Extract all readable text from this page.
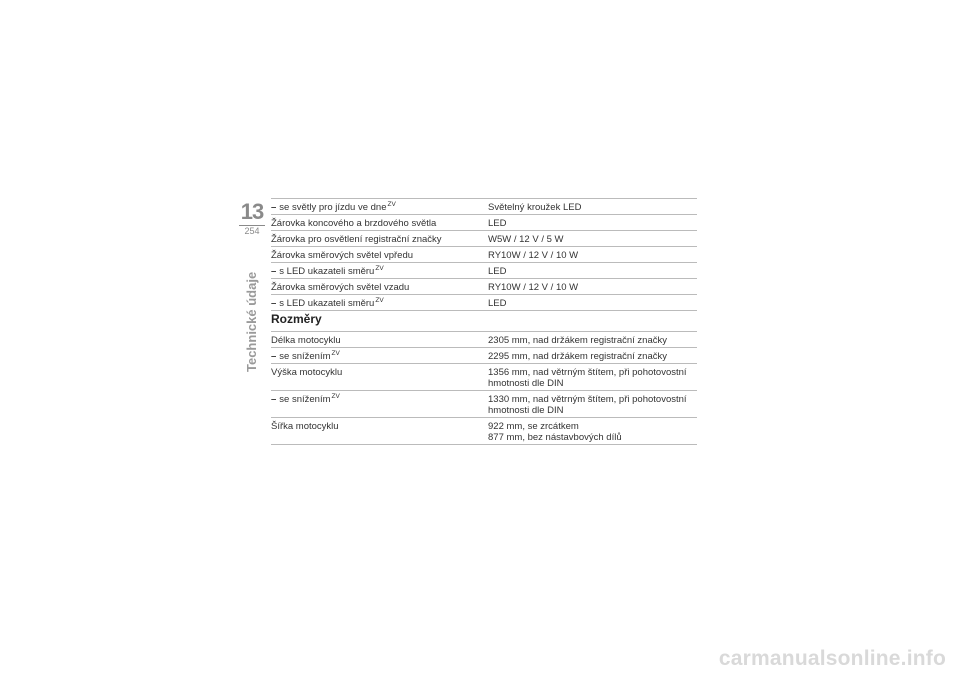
13
254
Technické údaje
– se světly pro jízdu ve dne$^{ZV}$	Světelný kroužek LED
Žárovka koncového a brzdového světla	LED
Žárovka pro osvětlení registrační značky	W5W / 12 V / 5 W
Žárovka směrových světel vpředu	RY10W / 12 V / 10 W
– s LED ukazateli směru$^{ZV}$	LED
Žárovka směrových světel vzadu	RY10W / 12 V / 10 W
– s LED ukazateli směru$^{ZV}$	LED
Rozměry
Délka motocyklu	2305 mm, nad držákem registrační značky

– se snížením$^{ZV}$	2295 mm, nad držákem registrační značky

Výška motocyklu	1356 mm, nad větrným štítem, při pohotovostní
hmotnosti dle DIN

– se snížením$^{ZV}$	1330 mm, nad větrným štítem, při pohotovostní
hmotnosti dle DIN

Šířka motocyklu	922 mm, se zrcátkem
877 mm, bez nástavbových dílů
carmanualsonline.info
